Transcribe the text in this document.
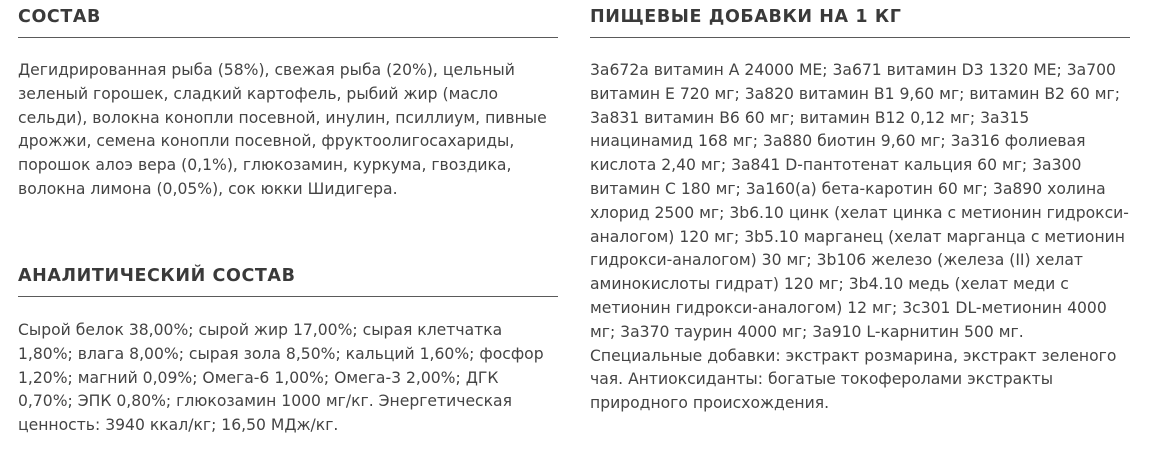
СОСТАВ

Дегидрированная рыба (58%), свежая рыба (20%), цельный зеленый горошек, сладкий картофель, рыбий жир (масло сельди), волокна конопли посевной, инулин, псиллиум, пивные дрожжи, семена конопли посевной, фруктоолигосахариды, порошок алоэ вера (0,1%), глюкозамин, куркума, гвоздика, волокна лимона (0,05%), сок юкки Шидигера.

АНАЛИТИЧЕСКИЙ СОСТАВ

Сырой белок 38,00%; сырой жир 17,00%; сырая клетчатка 1,80%; влага 8,00%; сырая зола 8,50%; кальций 1,60%; фосфор 1,20%; магний 0,09%; Омега-6 1,00%; Омега-3 2,00%; ДГК 0,70%; ЭПК 0,80%; глюкозамин 1000 мг/кг. Энергетическая ценность: 3940 ккал/кг; 16,50 МДж/кг.

ПИЩЕВЫЕ ДОБАВКИ НА 1 КГ

3a672a витамин A 24000 ME; 3a671 витамин D3 1320 ME; 3a700 витамин E 720 мг; 3a820 витамин B1 9,60 мг; витамин B2 60 мг; 3a831 витамин B6 60 мг; витамин B12 0,12 мг; 3a315 ниацинамид 168 мг; 3a880 биотин 9,60 мг; 3a316 фолиевая кислота 2,40 мг; 3a841 D-пантотенат кальция 60 мг; 3a300 витамин C 180 мг; 3a160(a) бета-каротин 60 мг; 3a890 холина хлорид 2500 мг; 3b6.10 цинк (хелат цинка с метионин гидрокси-аналогом) 120 мг; 3b5.10 марганец (хелат марганца с метионин гидрокси-аналогом) 30 мг; 3b106 железо (железа (II) хелат аминокислоты гидрат) 120 мг; 3b4.10 медь (хелат меди с метионин гидрокси-аналогом) 12 мг; 3c301 DL-метионин 4000 мг; 3a370 таурин 4000 мг; 3a910 L-карнитин 500 мг. Специальные добавки: экстракт розмарина, экстракт зеленого чая. Антиоксиданты: богатые токоферолами экстракты природного происхождения.
